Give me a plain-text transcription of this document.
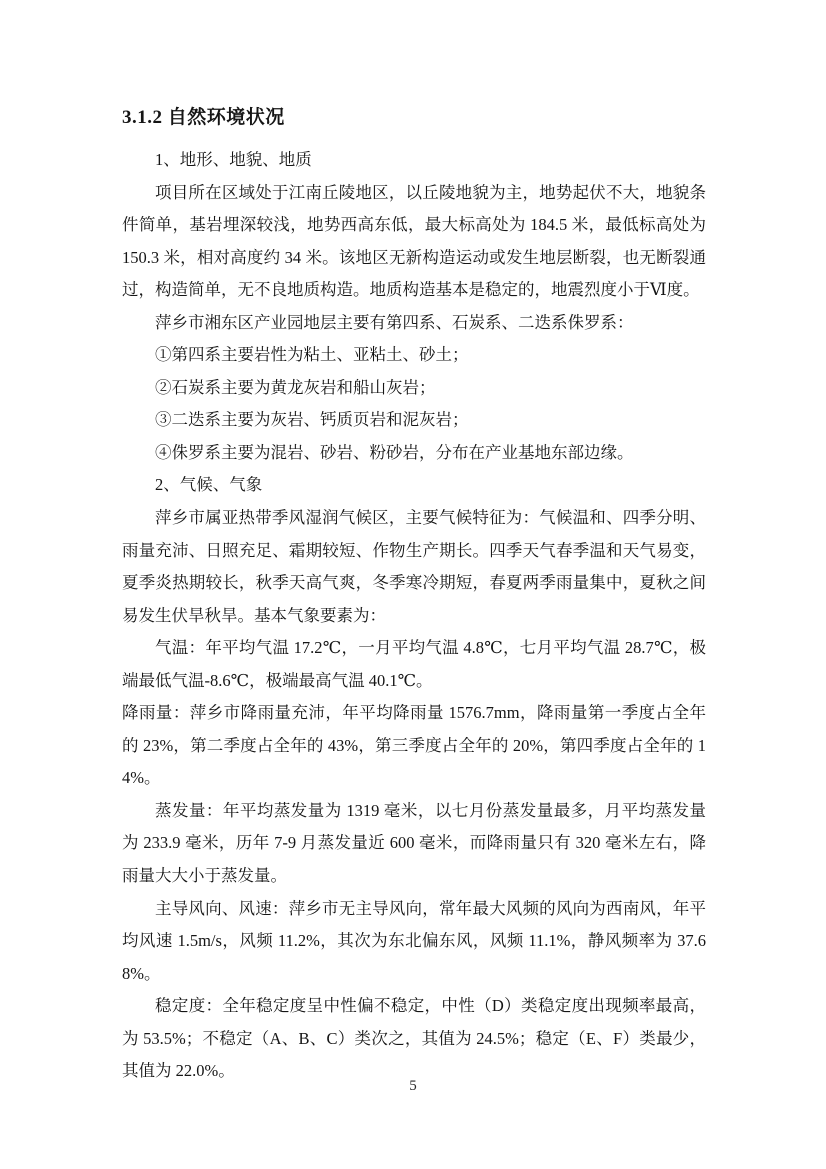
3.1.2 自然环境状况

1、地形、地貌、地质

项目所在区域处于江南丘陵地区，以丘陵地貌为主，地势起伏不大，地貌条件简单，基岩埋深较浅，地势西高东低，最大标高处为 184.5 米，最低标高处为 150.3 米，相对高度约 34 米。该地区无新构造运动或发生地层断裂，也无断裂通过，构造简单，无不良地质构造。地质构造基本是稳定的，地震烈度小于Ⅵ度。

萍乡市湘东区产业园地层主要有第四系、石炭系、二迭系侏罗系：

①第四系主要岩性为粘土、亚粘土、砂土；

②石炭系主要为黄龙灰岩和船山灰岩；

③二迭系主要为灰岩、钙质页岩和泥灰岩；

④侏罗系主要为混岩、砂岩、粉砂岩，分布在产业基地东部边缘。

2、气候、气象

萍乡市属亚热带季风湿润气候区，主要气候特征为：气候温和、四季分明、雨量充沛、日照充足、霜期较短、作物生产期长。四季天气春季温和天气易变，夏季炎热期较长，秋季天高气爽，冬季寒冷期短，春夏两季雨量集中，夏秋之间易发生伏旱秋旱。基本气象要素为：

气温：年平均气温 17.2℃，一月平均气温 4.8℃，七月平均气温 28.7℃，极端最低气温-8.6℃，极端最高气温 40.1℃。

降雨量：萍乡市降雨量充沛，年平均降雨量 1576.7mm，降雨量第一季度占全年的 23%，第二季度占全年的 43%，第三季度占全年的 20%，第四季度占全年的 14%。

蒸发量：年平均蒸发量为 1319 毫米，以七月份蒸发量最多，月平均蒸发量为 233.9 毫米，历年 7-9 月蒸发量近 600 毫米，而降雨量只有 320 毫米左右，降雨量大大小于蒸发量。

主导风向、风速：萍乡市无主导风向，常年最大风频的风向为西南风，年平均风速 1.5m/s，风频 11.2%，其次为东北偏东风，风频 11.1%，静风频率为 37.68%。

稳定度：全年稳定度呈中性偏不稳定，中性（D）类稳定度出现频率最高，为 53.5%；不稳定（A、B、C）类次之，其值为 24.5%；稳定（E、F）类最少，其值为 22.0%。

5
